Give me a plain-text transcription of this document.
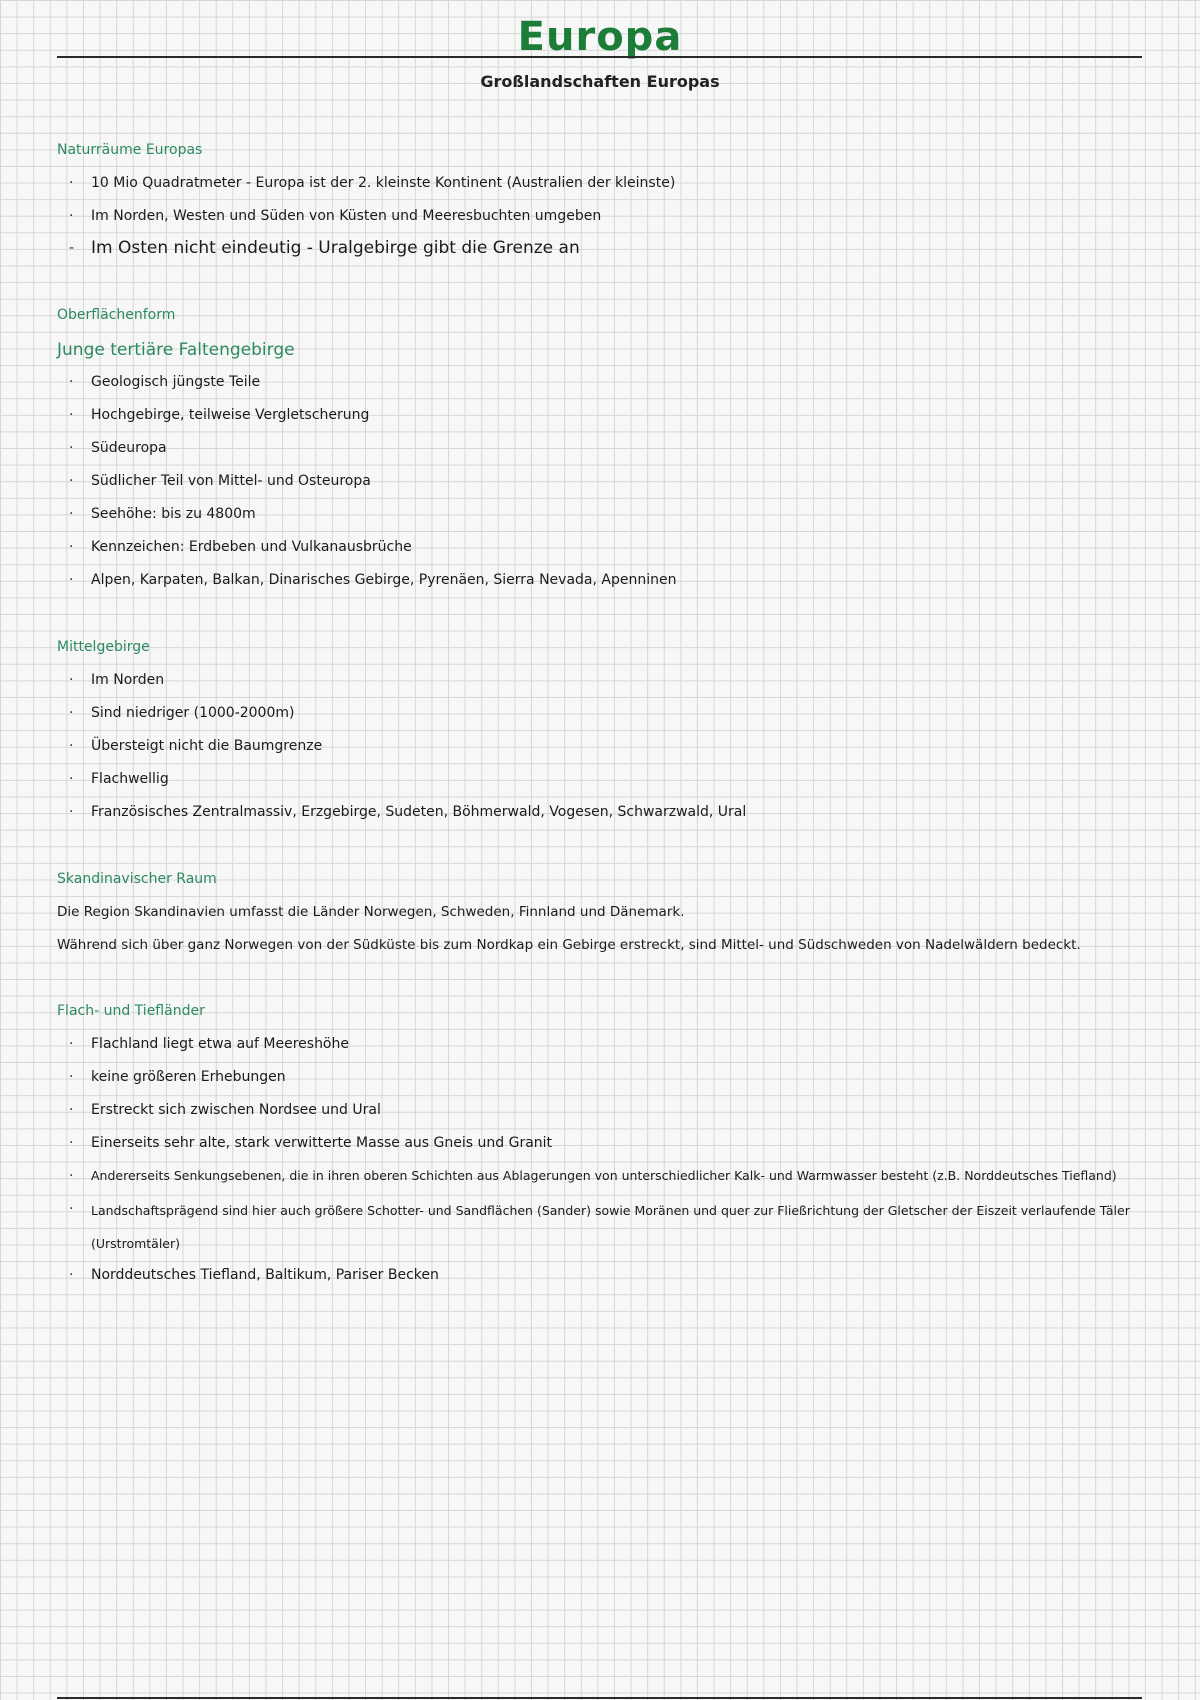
Europa
Großlandschaften Europas
Naturräume Europas
· 10 Mio Quadratmeter - Europa ist der 2. kleinste Kontinent (Australien der kleinste)
· Im Norden, Westen und Süden von Küsten und Meeresbuchten umgeben
- Im Osten nicht eindeutig - Uralgebirge gibt die Grenze an
Oberflächenform
Junge tertiäre Faltengebirge
· Geologisch jüngste Teile
· Hochgebirge, teilweise Vergletscherung
· Südeuropa
· Südlicher Teil von Mittel- und Osteuropa
· Seehöhe: bis zu 4800m
· Kennzeichen: Erdbeben und Vulkanausbrüche
· Alpen, Karpaten, Balkan, Dinarisches Gebirge, Pyrenäen, Sierra Nevada, Apenninen
Mittelgebirge
· Im Norden
· Sind niedriger (1000-2000m)
· Übersteigt nicht die Baumgrenze
· Flachwellig
· Französisches Zentralmassiv, Erzgebirge, Sudeten, Böhmerwald, Vogesen, Schwarzwald, Ural
Skandinavischer Raum
Die Region Skandinavien umfasst die Länder Norwegen, Schweden, Finnland und Dänemark.
Während sich über ganz Norwegen von der Südküste bis zum Nordkap ein Gebirge erstreckt, sind Mittel- und Südschweden von Nadelwäldern bedeckt.
Flach- und Tiefländer
· Flachland liegt etwa auf Meereshöhe
· keine größeren Erhebungen
· Erstreckt sich zwischen Nordsee und Ural
· Einerseits sehr alte, stark verwitterte Masse aus Gneis und Granit
· Andererseits Senkungsebenen, die in ihren oberen Schichten aus Ablagerungen von unterschiedlicher Kalk- und Warmwasser besteht (z.B. Norddeutsches Tiefland)
· Landschaftsprägend sind hier auch größere Schotter- und Sandflächen (Sander) sowie Moränen und quer zur Fließrichtung der Gletscher der Eiszeit verlaufende Täler (Urstromtäler)
· Norddeutsches Tiefland, Baltikum, Pariser Becken
